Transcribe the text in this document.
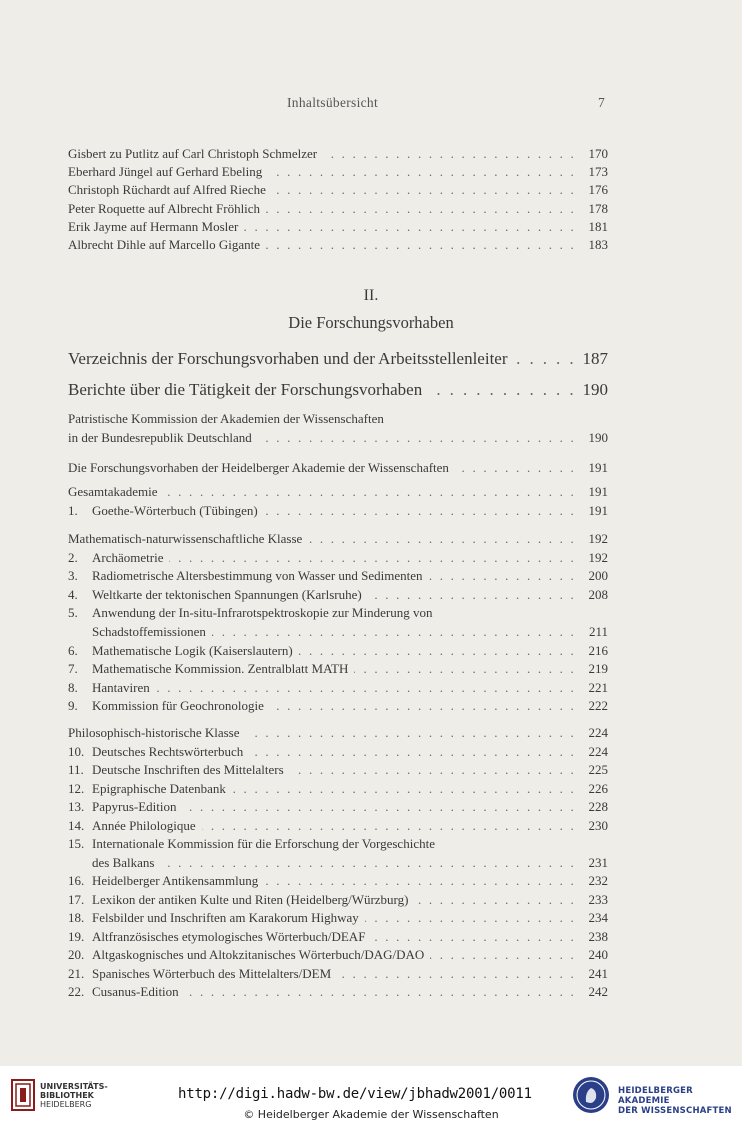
Inhaltsübersicht	7
. . .
Gisbert zu Putlitz auf Carl Christoph Schmelzer	170
. . .
Eberhard Jüngel auf Gerhard Ebeling	173
. . .
Christoph Rüchardt auf Alfred Rieche	176
. . .
Peter Roquette auf Albrecht Fröhlich	178
. . .
Erik Jayme auf Hermann Mosler	181
. . .
Albrecht Dihle auf Marcello Gigante	183
II.
Die Forschungsvorhaben
. . .
Verzeichnis der Forschungsvorhaben und der Arbeitsstellenleiter	187
. . .
Berichte über die Tätigkeit der Forschungsvorhaben	190
Patristische Kommission der Akademien der Wissenschaften
. . .
in der Bundesrepublik Deutschland	190
. . .
Die Forschungsvorhaben der Heidelberger Akademie der Wissenschaften	191
. . .
Gesamtakademie	191
. . .
1. Goethe-Wörterbuch (Tübingen)	191
. . .
Mathematisch-naturwissenschaftliche Klasse	192
. . .
2. Archäometrie	192
. . .
3. Radiometrische Altersbestimmung von Wasser und Sedimenten	200
. . .
4. Weltkarte der tektonischen Spannungen (Karlsruhe)	208
5. Anwendung der In-situ-Infrarotspektroskopie zur Minderung von
. . .
Schadstoffemissionen	211
. . .
6. Mathematische Logik (Kaiserslautern)	216
. . .
7. Mathematische Kommission. Zentralblatt MATH	219
. . .
8. Hantaviren	221
. . .
9. Kommission für Geochronologie	222
. . .
Philosophisch-historische Klasse	224
. . .
10. Deutsches Rechtswörterbuch	224
. . .
11. Deutsche Inschriften des Mittelalters	225
. . .
12. Epigraphische Datenbank	226
. . .
13. Papyrus-Edition	228
. . .
14. Année Philologique	230
15. Internationale Kommission für die Erforschung der Vorgeschichte
. . .
des Balkans	231
. . .
16. Heidelberger Antikensammlung	232
. . .
17. Lexikon der antiken Kulte und Riten (Heidelberg/Würzburg)	233
. . .
18. Felsbilder und Inschriften am Karakorum Highway	234
. . .
19. Altfranzösisches etymologisches Wörterbuch/DEAF	238
. . .
20. Altgaskognisches und Altokzitanisches Wörterbuch/DAG/DAO	240
. . .
21. Spanisches Wörterbuch des Mittelalters/DEM	241
. . .
22. Cusanus-Edition	242
UNIVERSITÄTS-
BIBLIOTHEK
HEIDELBERG
http://digi.hadw-bw.de/view/jbhadw2001/0011
© Heidelberger Akademie der Wissenschaften
HEIDELBERGER AKADEMIE
DER WISSENSCHAFTEN
